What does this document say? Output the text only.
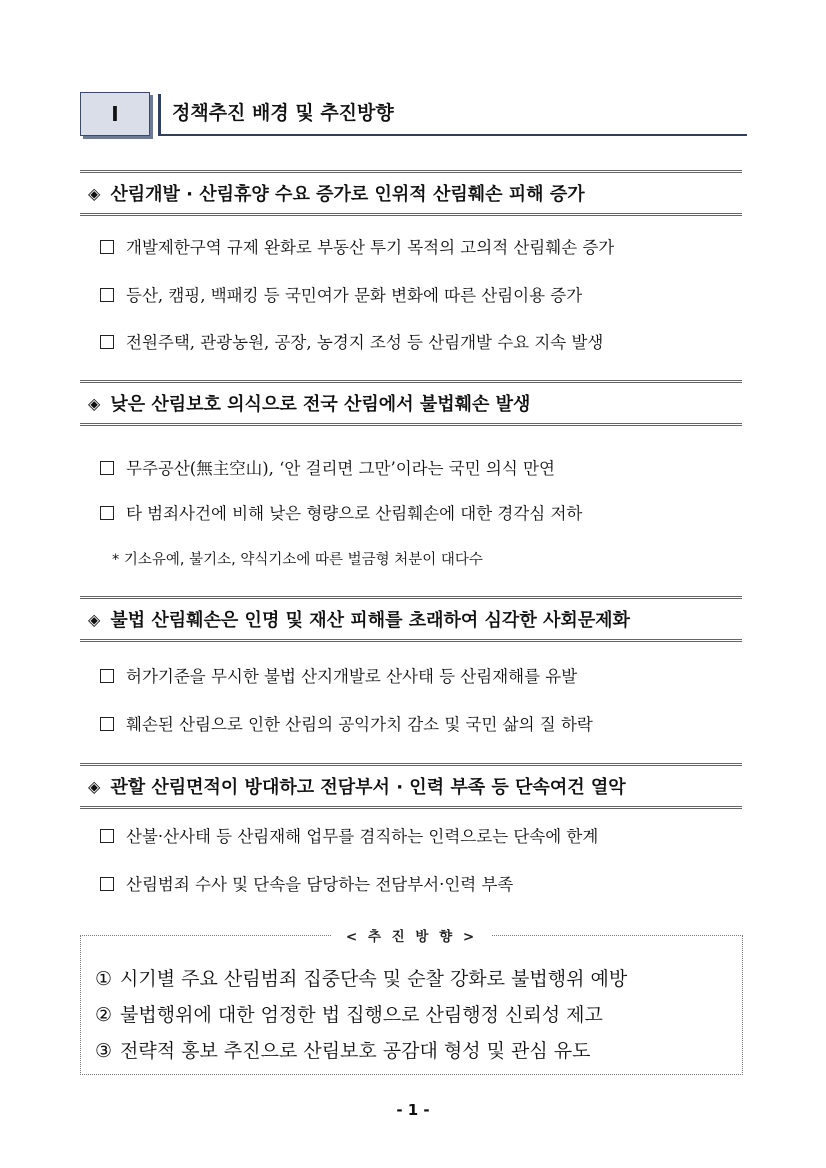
I	정책추진 배경 및 추진방향
◈ 산림개발 · 산림휴양 수요 증가로 인위적 산림훼손 피해 증가
개발제한구역 규제 완화로 부동산 투기 목적의 고의적 산림훼손 증가
등산, 캠핑, 백패킹 등 국민여가 문화 변화에 따른 산림이용 증가
전원주택, 관광농원, 공장, 농경지 조성 등 산림개발 수요 지속 발생
◈ 낮은 산림보호 의식으로 전국 산림에서 불법훼손 발생
무주공산(無主空山), ‘안 걸리면 그만’이라는 국민 의식 만연
타 범죄사건에 비해 낮은 형량으로 산림훼손에 대한 경각심 저하
* 기소유예, 불기소, 약식기소에 따른 벌금형 처분이 대다수
◈ 불법 산림훼손은 인명 및 재산 피해를 초래하여 심각한 사회문제화
허가기준을 무시한 불법 산지개발로 산사태 등 산림재해를 유발
훼손된 산림으로 인한 산림의 공익가치 감소 및 국민 삶의 질 하락
◈ 관할 산림면적이 방대하고 전담부서 · 인력 부족 등 단속여건 열악
산불·산사태 등 산림재해 업무를 겸직하는 인력으로는 단속에 한계
산림범죄 수사 및 단속을 담당하는 전담부서·인력 부족
< 추 진 방 향 >
① 시기별 주요 산림범죄 집중단속 및 순찰 강화로 불법행위 예방
② 불법행위에 대한 엄정한 법 집행으로 산림행정 신뢰성 제고
③ 전략적 홍보 추진으로 산림보호 공감대 형성 및 관심 유도
- 1 -
